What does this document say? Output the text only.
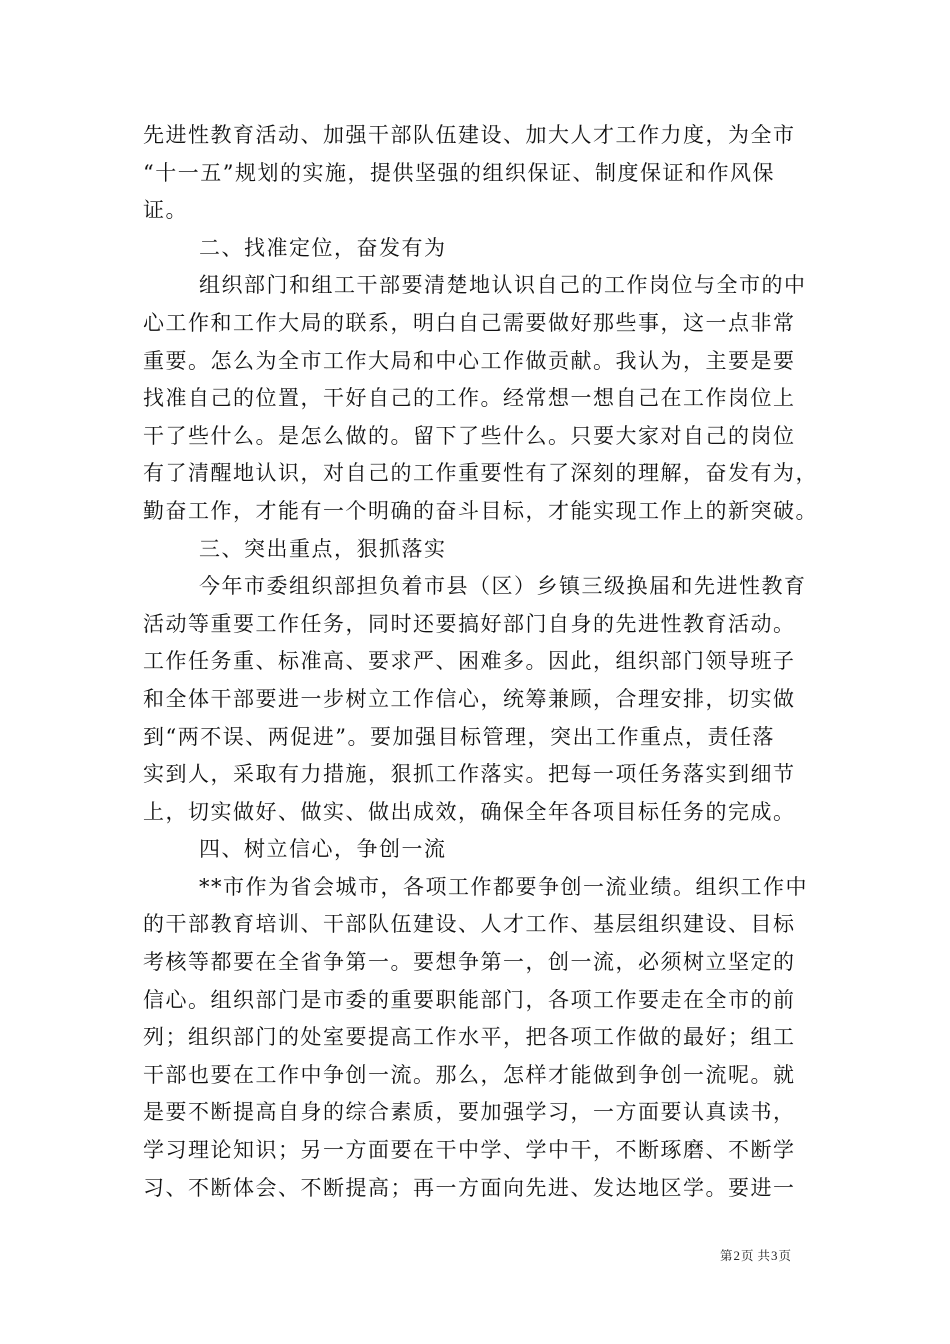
先进性教育活动、加强干部队伍建设、加大人才工作力度，为全市
“十一五”规划的实施，提供坚强的组织保证、制度保证和作风保
证。
二、找准定位，奋发有为
组织部门和组工干部要清楚地认识自己的工作岗位与全市的中
心工作和工作大局的联系，明白自己需要做好那些事，这一点非常
重要。怎么为全市工作大局和中心工作做贡献。我认为，主要是要
找准自己的位置，干好自己的工作。经常想一想自己在工作岗位上
干了些什么。是怎么做的。留下了些什么。只要大家对自己的岗位
有了清醒地认识，对自己的工作重要性有了深刻的理解，奋发有为，
勤奋工作，才能有一个明确的奋斗目标，才能实现工作上的新突破。
三、突出重点，狠抓落实
今年市委组织部担负着市县（区）乡镇三级换届和先进性教育
活动等重要工作任务，同时还要搞好部门自身的先进性教育活动。
工作任务重、标准高、要求严、困难多。因此，组织部门领导班子
和全体干部要进一步树立工作信心，统筹兼顾，合理安排，切实做
到“两不误、两促进”。要加强目标管理，突出工作重点，责任落
实到人，采取有力措施，狠抓工作落实。把每一项任务落实到细节
上，切实做好、做实、做出成效，确保全年各项目标任务的完成。
四、树立信心，争创一流
**市作为省会城市，各项工作都要争创一流业绩。组织工作中
的干部教育培训、干部队伍建设、人才工作、基层组织建设、目标
考核等都要在全省争第一。要想争第一，创一流，必须树立坚定的
信心。组织部门是市委的重要职能部门，各项工作要走在全市的前
列；组织部门的处室要提高工作水平，把各项工作做的最好；组工
干部也要在工作中争创一流。那么，怎样才能做到争创一流呢。就
是要不断提高自身的综合素质，要加强学习，一方面要认真读书，
学习理论知识；另一方面要在干中学、学中干，不断琢磨、不断学
习、不断体会、不断提高；再一方面向先进、发达地区学。要进一
第2页 共3页
